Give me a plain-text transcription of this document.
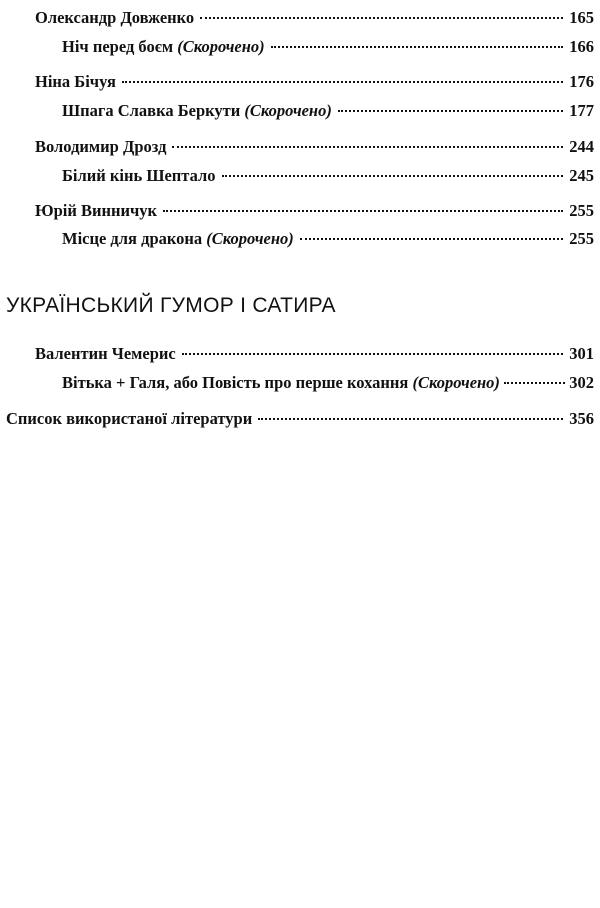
Олександр Довженко	165
Ніч перед боєм (Скорочено)	166
Ніна Бічуя	176
Шпага Славка Беркути (Скорочено)	177
Володимир Дрозд	244
Білий кінь Шептало	245
Юрій Винничук	255
Місце для дракона (Скорочено)	255
УКРАЇНСЬКИЙ ГУМОР І САТИРА
Валентин Чемерис	301
Вітька + Галя, або Повість про перше кохання (Скорочено)	302
Список використаної літератури	356
